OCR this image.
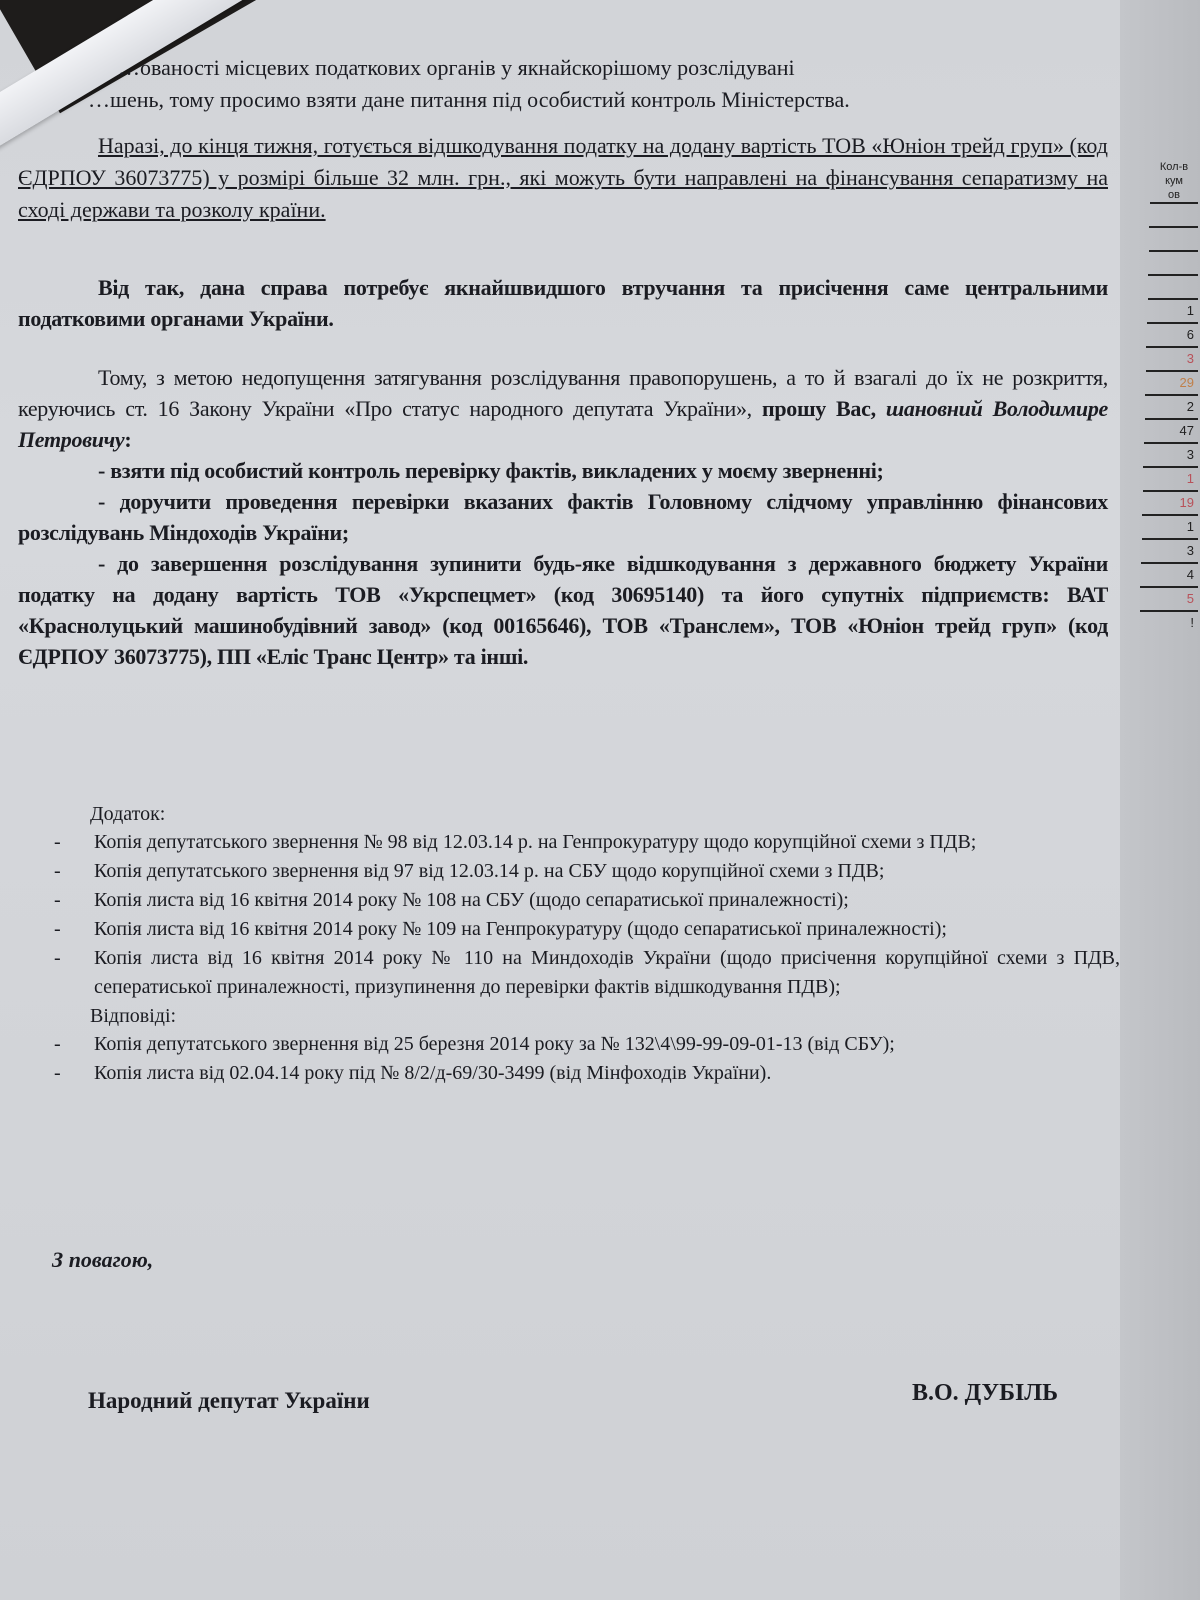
Кол-в
кум
ов
1
6
3
29
2
47
3
1
19
1
3
4
5
!

…ованості місцевих податкових органів у якнайскорішому розслідувані

…шень, тому просимо взяти дане питання під особистий контроль Міністерства.

Наразі, до кінця тижня, готується відшкодування податку на додану вартість ТОВ «Юніон трейд груп» (код ЄДРПОУ 36073775) у розмірі більше 32 млн. грн., які можуть бути направлені на фінансування сепаратизму на сході держави та розколу країни.

Від так, дана справа потребує якнайшвидшого втручання та присічення саме центральними податковими органами України.

Тому, з метою недопущення затягування розслідування правопорушень, а то й взагалі до їх не розкриття, керуючись ст. 16 Закону України «Про статус народного депутата України», прошу Вас, шановний Володимире Петровичу:

- взяти під особистий контроль перевірку фактів, викладених у моєму зверненні;

- доручити проведення перевірки вказаних фактів Головному слідчому управлінню фінансових розслідувань Міндоходів України;

- до завершення розслідування зупинити будь-яке відшкодування з державного бюджету України податку на додану вартість ТОВ «Укрспецмет» (код 30695140) та його супутніх підприємств: ВАТ «Краснолуцький машинобудівний завод» (код 00165646), ТОВ «Транслем», ТОВ «Юніон трейд груп» (код ЄДРПОУ 36073775), ПП «Еліс Транс Центр» та інші.

Додаток:
-	Копія депутатського звернення № 98 від 12.03.14 р. на Генпрокуратуру щодо корупційної схеми з ПДВ;
-	Копія депутатського звернення від 97 від 12.03.14 р. на СБУ щодо корупційної схеми з ПДВ;
-	Копія листа від 16 квітня 2014 року № 108 на СБУ (щодо сепаратиської приналежності);
-	Копія листа від 16 квітня 2014 року № 109 на Генпрокуратуру (щодо сепаратиської приналежності);
-	Копія листа від 16 квітня 2014 року № 110 на Миндоходів України (щодо присічення корупційної схеми з ПДВ, сеператиської приналежності, призупинення до перевірки фактів відшкодування ПДВ);
Відповіді:
-	Копія депутатського звернення від 25 березня 2014 року за № 132\4\99-99-09-01-13 (від СБУ);
-	Копія листа від 02.04.14 року під № 8/2/д-69/30-3499 (від Мінфоходів України).
З повагою,
Народний депутат України	В.О. ДУБІЛЬ
